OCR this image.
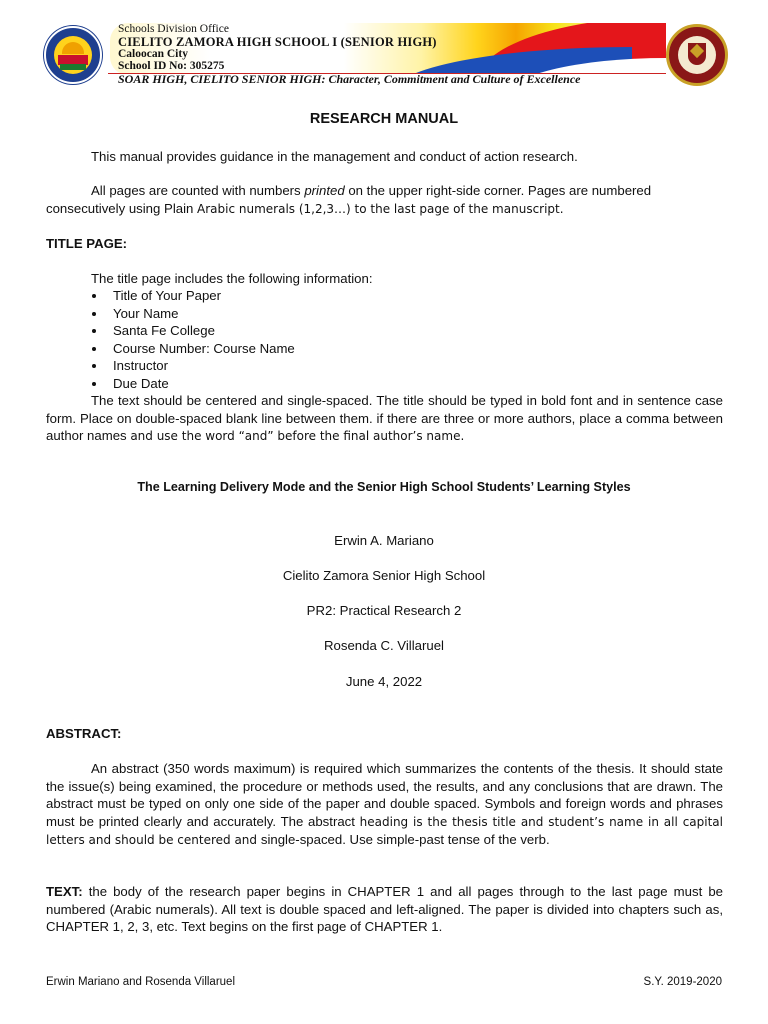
Schools Division Office
CIELITO ZAMORA HIGH SCHOOL I (SENIOR HIGH)
Caloocan City
School ID No: 305275
SOAR HIGH, CIELITO SENIOR HIGH: Character, Commitment and Culture of Excellence
RESEARCH MANUAL
This manual provides guidance in the management and conduct of action research.
All pages are counted with numbers printed on the upper right-side corner. Pages are numbered consecutively using Plain Arabic numerals (1,2,3…) to the last page of the manuscript.
TITLE PAGE:
The title page includes the following information:
Title of Your Paper
Your Name
Santa Fe College
Course Number: Course Name
Instructor
Due Date
The text should be centered and single-spaced. The title should be typed in bold font and in sentence case form. Place on double-spaced blank line between them. if there are three or more authors, place a comma between author names and use the word “and” before the final author’s name.
The Learning Delivery Mode and the Senior High School Students’ Learning Styles
Erwin A. Mariano
Cielito Zamora Senior High School
PR2: Practical Research 2
Rosenda C. Villaruel
June 4, 2022
ABSTRACT:
An abstract (350 words maximum) is required which summarizes the contents of the thesis. It should state the issue(s) being examined, the procedure or methods used, the results, and any conclusions that are drawn. The abstract must be typed on only one side of the paper and double spaced. Symbols and foreign words and phrases must be printed clearly and accurately. The abstract heading is the thesis title and student’s name in all capital letters and should be centered and single-spaced. Use simple-past tense of the verb.
TEXT: the body of the research paper begins in CHAPTER 1 and all pages through to the last page must be numbered (Arabic numerals). All text is double spaced and left-aligned. The paper is divided into chapters such as, CHAPTER 1, 2, 3, etc. Text begins on the first page of CHAPTER 1.
Erwin Mariano and Rosenda Villaruel	S.Y. 2019-2020
